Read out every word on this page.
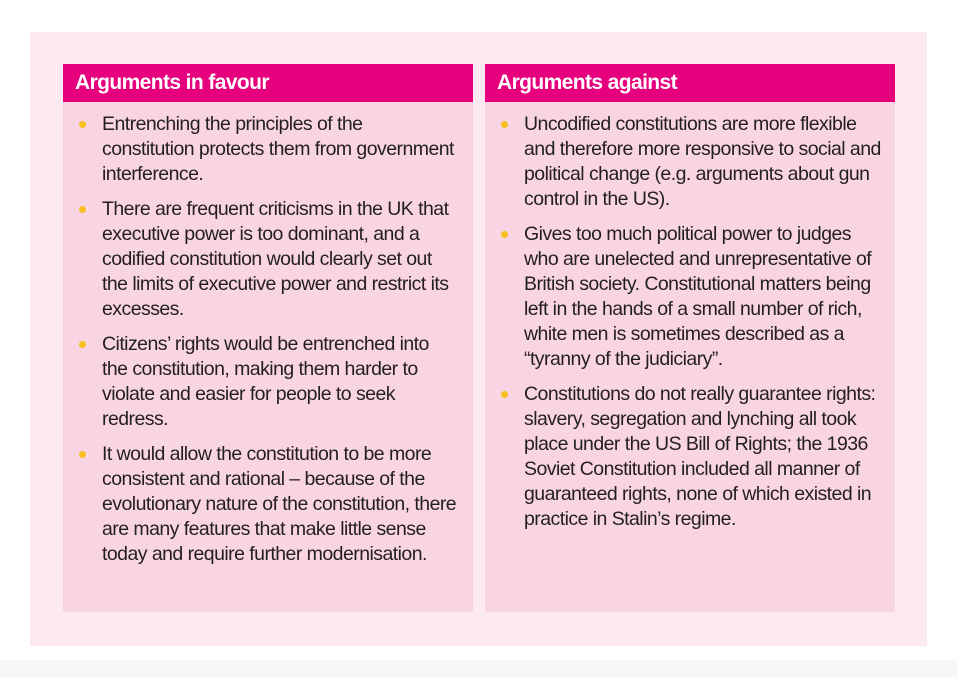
Arguments in favour
Entrenching the principles of the constitution protects them from government interference.
There are frequent criticisms in the UK that executive power is too dominant, and a codified constitution would clearly set out the limits of executive power and restrict its excesses.
Citizens’ rights would be entrenched into the constitution, making them harder to violate and easier for people to seek redress.
It would allow the constitution to be more consistent and rational – because of the evolutionary nature of the constitution, there are many features that make little sense today and require further modernisation.
Arguments against
Uncodified constitutions are more flexible and therefore more responsive to social and political change (e.g. arguments about gun control in the US).
Gives too much political power to judges who are unelected and unrepresentative of British society. Constitutional matters being left in the hands of a small number of rich, white men is sometimes described as a “tyranny of the judiciary”.
Constitutions do not really guarantee rights: slavery, segregation and lynching all took place under the US Bill of Rights; the 1936 Soviet Constitution included all manner of guaranteed rights, none of which existed in practice in Stalin’s regime.
